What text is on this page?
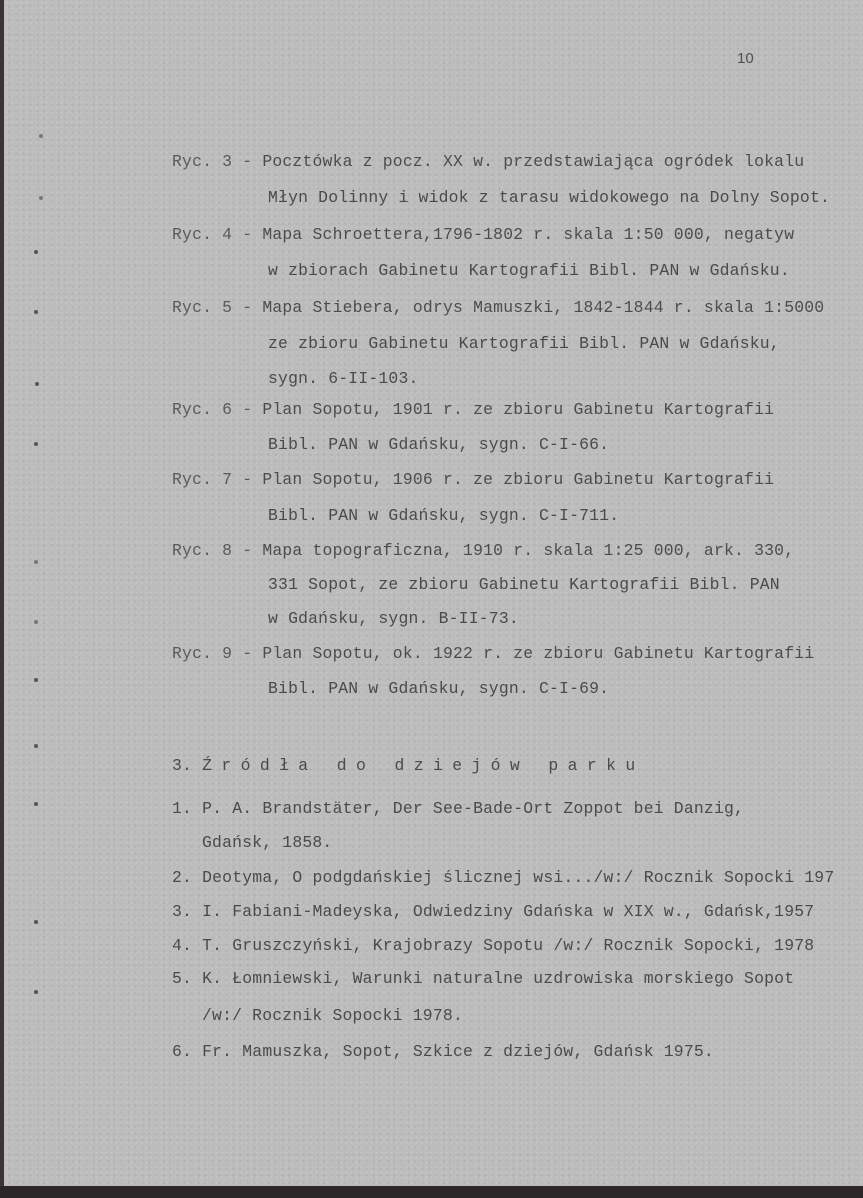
10
Ryc. 3 - Pocztówka z pocz. XX w. przedstawiająca ogródek lokalu
Młyn Dolinny i widok z tarasu widokowego na Dolny Sopot.
Ryc. 4 - Mapa Schroettera,1796-1802 r. skala 1:50 000, negatyw
w zbiorach Gabinetu Kartografii Bibl. PAN w Gdańsku.
Ryc. 5 - Mapa Stiebera, odrys Mamuszki, 1842-1844 r. skala 1:5000
ze zbioru Gabinetu Kartografii Bibl. PAN w Gdańsku,
sygn. 6-II-103.
Ryc. 6 - Plan Sopotu, 1901 r. ze zbioru Gabinetu Kartografii
Bibl. PAN w Gdańsku, sygn. C-I-66.
Ryc. 7 - Plan Sopotu, 1906 r. ze zbioru Gabinetu Kartografii
Bibl. PAN w Gdańsku, sygn. C-I-711.
Ryc. 8 - Mapa topograficzna, 1910 r. skala 1:25 000, ark. 330,
331 Sopot, ze zbioru Gabinetu Kartografii Bibl. PAN
w Gdańsku, sygn. B-II-73.
Ryc. 9 - Plan Sopotu, ok. 1922 r. ze zbioru Gabinetu Kartografii
Bibl. PAN w Gdańsku, sygn. C-I-69.
3. Źródła do dziejów parku
1. P. A. Brandstäter, Der See-Bade-Ort Zoppot bei Danzig,
Gdańsk, 1858.
2. Deotyma, O podgdańskiej ślicznej wsi.../w:/ Rocznik Sopocki 197
3. I. Fabiani-Madeyska, Odwiedziny Gdańska w XIX w., Gdańsk,1957
4. T. Gruszczyński, Krajobrazy Sopotu /w:/ Rocznik Sopocki, 1978
5. K. Łomniewski, Warunki naturalne uzdrowiska morskiego Sopot
/w:/ Rocznik Sopocki 1978.
6. Fr. Mamuszka, Sopot, Szkice z dziejów, Gdańsk 1975.
